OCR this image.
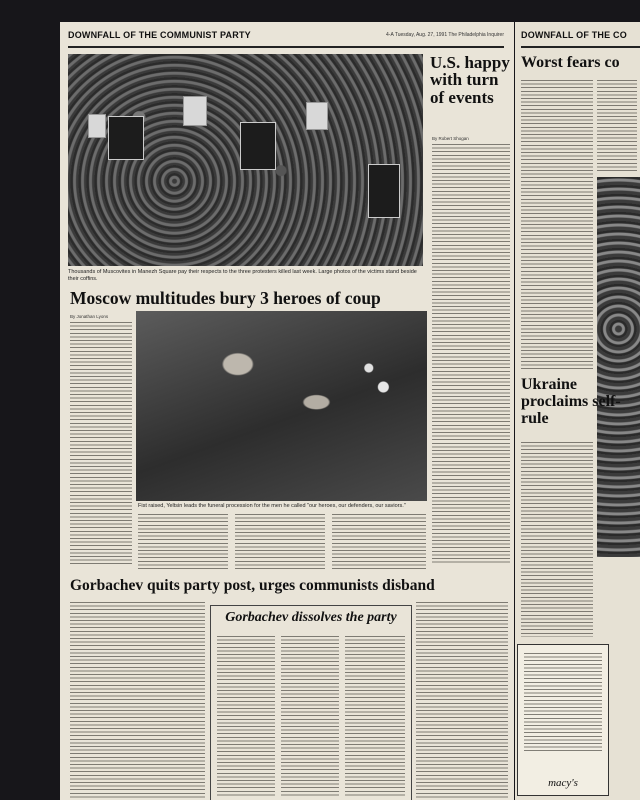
DOWNFALL OF THE COMMUNIST PARTY	4-A Tuesday, Aug. 27, 1991 The Philadelphia Inquirer
Thousands of Muscovites in Manezh Square pay their respects to the three protesters killed last week. Large photos of the victims stand beside their coffins.
U.S. happy with turn of events
By Robert Shogan
Moscow multitudes bury 3 heroes of coup
By Jonathan Lyons
Fist raised, Yeltsin leads the funeral procession for the men he called "our heroes, our defenders, our saviors."
Gorbachev quits party post, urges communists disband
Gorbachev dissolves the party
DOWNFALL OF THE CO
Worst fears co
Ukraine proclaims self-rule
macy's
